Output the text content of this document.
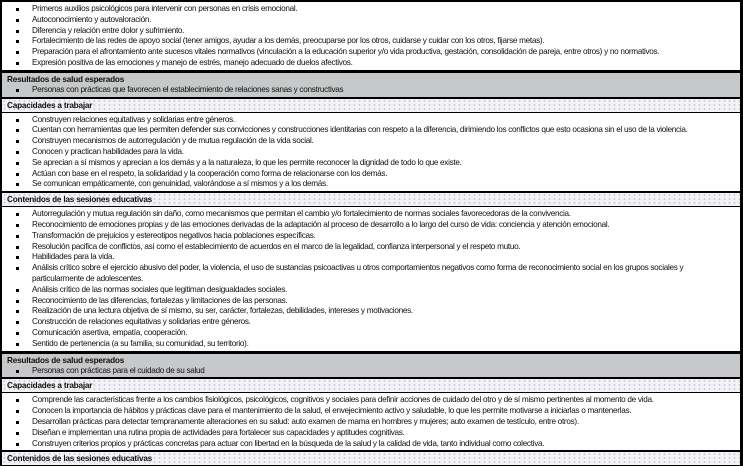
Primeros auxilios psicológicos para intervenir con personas en crisis emocional.
Autoconocimiento y autovaloración.
Diferencia y relación entre dolor y sufrimiento.
Fortalecimiento de las redes de apoyo social (tener amigos, ayudar a los demás, preocuparse por los otros, cuidarse y cuidar con los otros, fijarse metas).
Preparación para el afrontamiento ante sucesos vitales normativos (vinculación a la educación superior y/o vida productiva, gestación, consolidación de pareja, entre otros) y no normativos.
Expresión positiva de las emociones y manejo de estrés, manejo adecuado de duelos afectivos.
Resultados de salud esperados
Personas con prácticas que favorecen el establecimiento de relaciones sanas y constructivas
Capacidades a trabajar
Construyen relaciones equitativas y solidarias entre géneros.
Cuentan con herramientas que les permiten defender sus convicciones y construcciones identitarias con respeto a la diferencia, dirimiendo los conflictos que esto ocasiona sin el uso de la violencia.
Construyen mecanismos de autorregulación y de mutua regulación de la vida social.
Conocen y practican habilidades para la vida.
Se aprecian a sí mismos y aprecian a los demás y a la naturaleza, lo que les permite reconocer la dignidad de todo lo que existe.
Actúan con base en el respeto, la solidaridad y la cooperación como forma de relacionarse con los demás.
Se comunican empáticamente, con genuinidad, valorándose a sí mismos y a los demás.
Contenidos de las sesiones educativas
Autorregulación y mutua regulación sin daño, como mecanismos que permitan el cambio y/o fortalecimiento de normas sociales favorecedoras de la convivencia.
Reconocimiento de emociones propias y de las emociones derivadas de la adaptación al proceso de desarrollo a lo largo del curso de vida: conciencia y atención emocional.
Transformación de prejuicios y estereotipos negativos hacia poblaciones específicas.
Resolución pacifica de conflictos, así como el establecimiento de acuerdos en el marco de la legalidad, confianza interpersonal y el respeto mutuo.
Habilidades para la vida.
Análisis crítico sobre el ejercicio abusivo del poder, la violencia, el uso de sustancias psicoactivas u otros comportamientos negativos como forma de reconocimiento social en los grupos sociales y particularmente de adolescentes.
Análisis crítico de las normas sociales que legitiman desigualdades sociales.
Reconocimiento de las diferencias, fortalezas y limitaciones de las personas.
Realización de una lectura objetiva de sí mismo, su ser, carácter, fortalezas, debilidades, intereses y motivaciones.
Construcción de relaciones equitativas y solidarias entre géneros.
Comunicación asertiva, empatía, cooperación.
Sentido de pertenencia (a su familia, su comunidad, su territorio).
Resultados de salud esperados
Personas con prácticas para el cuidado de su salud
Capacidades a trabajar
Comprende las características frente a los cambios fisiológicos, psicológicos, cognitivos y sociales para definir acciones de cuidado del otro y de sí mismo pertinentes al momento de vida.
Conocen la importancia de hábitos y prácticas clave para el mantenimiento de la salud, el envejecimiento activo y saludable, lo que les permite motivarse a iniciarlas o mantenerlas.
Desarrollan prácticas para detectar tempranamente alteraciones en su salud: auto examen de mama en hombres y mujeres; auto examen de testículo, entre otros).
Diseñan e implementan una rutina propia de actividades para fortalecer sus capacidades y aptitudes cognitivas.
Construyen criterios propios y prácticas concretas para actuar con libertad en la búsqueda de la salud y la calidad de vida, tanto individual como colectiva.
Contenidos de las sesiones educativas
